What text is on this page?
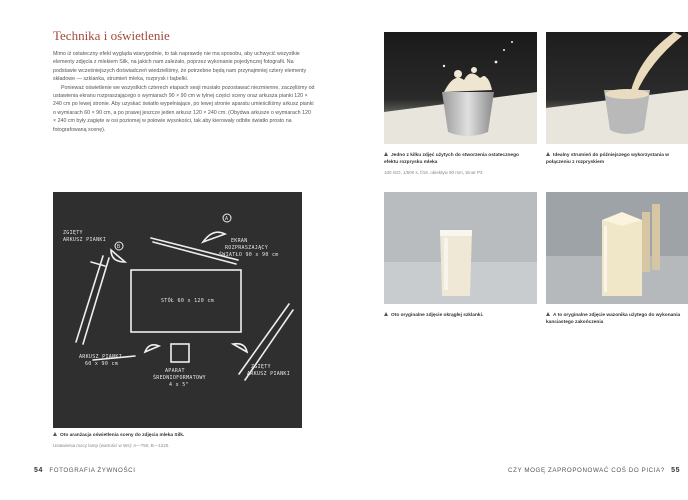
Technika i oświetlenie

Mimo iż ostateczny efekt wygląda wiarygodnie, to tak naprawdę nie ma sposobu, aby uchwycić wszystkie elementy zdjęcia z mlekiem Silk, na jakich nam zależało, poprzez wykonanie pojedynczej fotografii. Na podstawie wcześniejszych doświadczeń wiedzieliśmy, że potrzebne będą nam przynajmniej cztery elementy składowe — szklanka, strumień mleka, rozprysk i bąbelki.

Ponieważ oświetlenie we wszystkich czterech etapach sesji musiało pozostawać niezmienne, zaczęliśmy od ustawienia ekranu rozpraszającego o wymiarach 90 × 90 cm w tylnej części sceny oraz arkusza pianki 120 × 240 cm po lewej stronie. Aby uzyskać światło wypełniające, po lewej stronie aparatu umieściliśmy arkusz pianki o wymiarach 60 × 90 cm, a po prawej jeszcze jeden arkusz 120 × 240 cm. (Obydwa arkusze o wymiarach 120 × 240 cm były zagięte w osi poziomej w połowie wysokości, tak aby kierowały odbite światło prosto na fotografowaną scenę).

A
B
ZGIĘTY
ARKUSZ PIANKI	EKRAN
ROZPRASZAJĄCY
ŚWIATŁO 90 x 90 cm
STÓŁ 60 x 120 cm
ARKUSZ PIANKI
60 x 90 cm
APARAT
ŚREDNIOFORMATOWY
4 x 5"
ZGIĘTY
ARKUSZ PIANKI
Oto aranżacja oświetlenia sceny do zdjęcia mleka Silk.
Ustawienia mocy lamp (wartości w Ws): A—750, B—1220.
54 FOTOGRAFIA ŻYWNOŚCI
Jedno z kilku zdjęć użytych do stworzenia ostatecznego efektu rozprysku mleka
100 ISO, 1/500 s, f/18, obiektyw 90 mm, Sinar P3
Idealny strumień do późniejszego wykorzystania w połączeniu z rozpryskiem
Oto oryginalne zdjęcie okrągłej szklanki.	A to oryginalne zdjęcie wazonika użytego do wykonania kanciastego zakończenia
CZY MOGĘ ZAPROPONOWAĆ COŚ DO PICIA? 55
